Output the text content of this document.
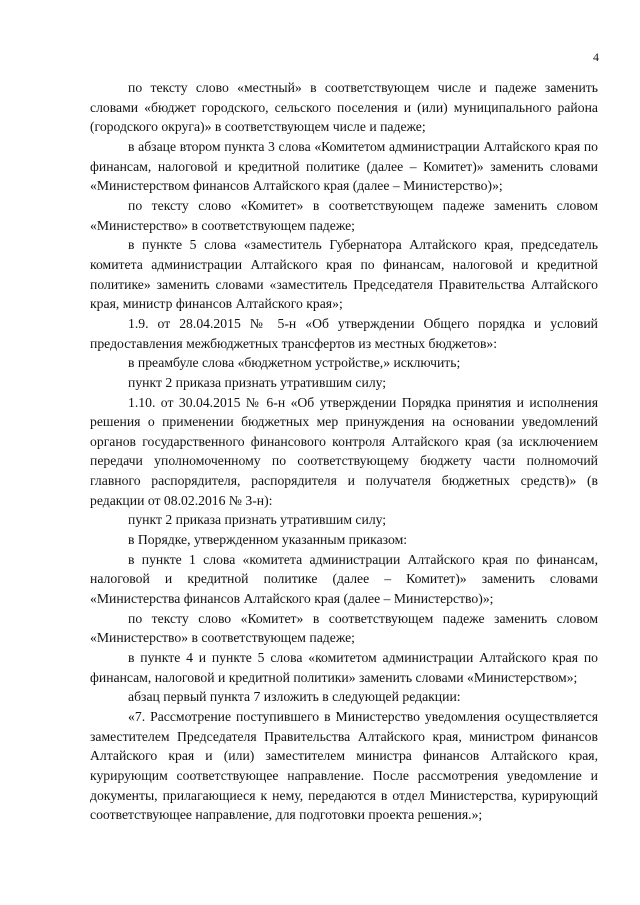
4

по тексту слово «местный» в соответствующем числе и падеже заменить словами «бюджет городского, сельского поселения и (или) муниципального района (городского округа)» в соответствующем числе и падеже;

в абзаце втором пункта 3 слова «Комитетом администрации Алтайского края по финансам, налоговой и кредитной политике (далее – Комитет)» заменить словами «Министерством финансов Алтайского края (далее – Министерство)»;

по тексту слово «Комитет» в соответствующем падеже заменить словом «Министерство» в соответствующем падеже;

в пункте 5 слова «заместитель Губернатора Алтайского края, председатель комитета администрации Алтайского края по финансам, налоговой и кредитной политике» заменить словами «заместитель Председателя Правительства Алтайского края, министр финансов Алтайского края»;

1.9. от 28.04.2015 № 5-н «Об утверждении Общего порядка и условий предоставления межбюджетных трансфертов из местных бюджетов»:

в преамбуле слова «бюджетном устройстве,» исключить;

пункт 2 приказа признать утратившим силу;

1.10. от 30.04.2015 № 6-н «Об утверждении Порядка принятия и исполнения решения о применении бюджетных мер принуждения на основании уведомлений органов государственного финансового контроля Алтайского края (за исключением передачи уполномоченному по соответствующему бюджету части полномочий главного распорядителя, распорядителя и получателя бюджетных средств)» (в редакции от 08.02.2016 № 3-н):

пункт 2 приказа признать утратившим силу;

в Порядке, утвержденном указанным приказом:

в пункте 1 слова «комитета администрации Алтайского края по финансам, налоговой и кредитной политике (далее – Комитет)» заменить словами «Министерства финансов Алтайского края (далее – Министерство)»;

по тексту слово «Комитет» в соответствующем падеже заменить словом «Министерство» в соответствующем падеже;

в пункте 4 и пункте 5 слова «комитетом администрации Алтайского края по финансам, налоговой и кредитной политики» заменить словами «Министерством»;

абзац первый пункта 7 изложить в следующей редакции:

«7. Рассмотрение поступившего в Министерство уведомления осуществляется заместителем Председателя Правительства Алтайского края, министром финансов Алтайского края и (или) заместителем министра финансов Алтайского края, курирующим соответствующее направление. После рассмотрения уведомление и документы, прилагающиеся к нему, передаются в отдел Министерства, курирующий соответствующее направление, для подготовки проекта решения.»;
